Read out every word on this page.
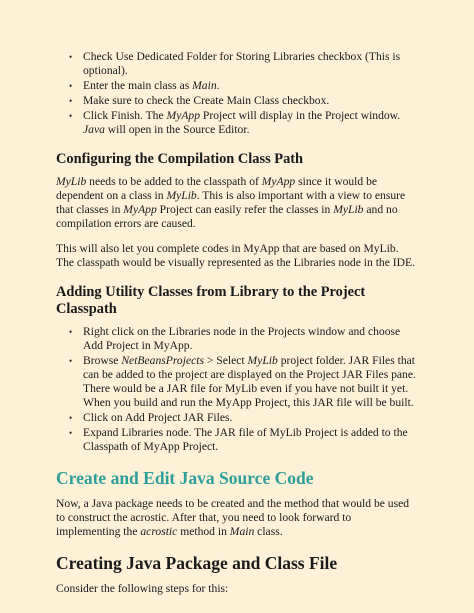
• Check Use Dedicated Folder for Storing Libraries checkbox (This is optional).
• Enter the main class as Main.
• Make sure to check the Create Main Class checkbox.
• Click Finish. The MyApp Project will display in the Project window. Java will open in the Source Editor.
Configuring the Compilation Class Path

MyLib needs to be added to the classpath of MyApp since it would be dependent on a class in MyLib. This is also important with a view to ensure that classes in MyApp Project can easily refer the classes in MyLib and no compilation errors are caused.

This will also let you complete codes in MyApp that are based on MyLib. The classpath would be visually represented as the Libraries node in the IDE.

Adding Utility Classes from Library to the Project Classpath
• Right click on the Libraries node in the Projects window and choose Add Project in MyApp.
• Browse NetBeansProjects > Select MyLib project folder. JAR Files that can be added to the project are displayed on the Project JAR Files pane. There would be a JAR file for MyLib even if you have not built it yet. When you build and run the MyApp Project, this JAR file will be built.
• Click on Add Project JAR Files.
• Expand Libraries node. The JAR file of MyLib Project is added to the Classpath of MyApp Project.
Create and Edit Java Source Code

Now, a Java package needs to be created and the method that would be used to construct the acrostic. After that, you need to look forward to implementing the acrostic method in Main class.

Creating Java Package and Class File

Consider the following steps for this:
